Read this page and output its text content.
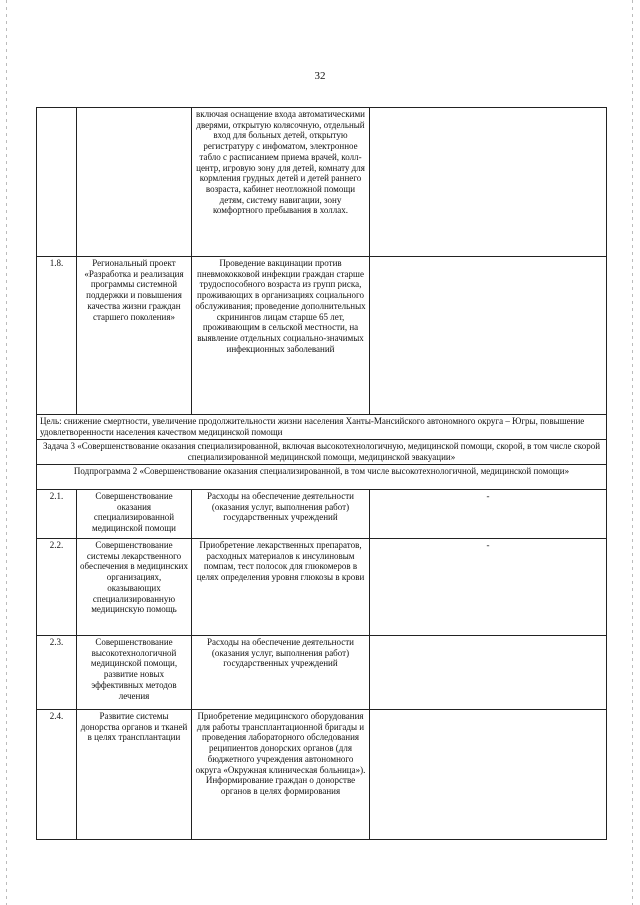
32
		включая оснащение входа автоматическими дверями, открытую колясочную, отдельный вход для больных детей, открытую регистратуру с инфоматом, электронное табло с расписанием приема врачей, колл-центр, игровую зону для детей, комнату для кормления грудных детей и детей раннего возраста, кабинет неотложной помощи детям, систему навигации, зону комфортного пребывания в холлах.	
1.8.	Региональный проект «Разработка и реализация программы системной поддержки и повышения качества жизни граждан старшего поколения»	Проведение вакцинации против пневмококковой инфекции граждан старше трудоспособного возраста из групп риска, проживающих в организациях социального обслуживания; проведение дополнительных скринингов лицам старше 65 лет, проживающим в сельской местности, на выявление отдельных социально-значимых инфекционных заболеваний	
Цель: снижение смертности, увеличение продолжительности жизни населения Ханты-Мансийского автономного округа – Югры, повышение удовлетворенности населения качеством медицинской помощи			
Задача 3 «Совершенствование оказания специализированной, включая высокотехнологичную, медицинской помощи, скорой, в том числе скорой специализированной медицинской помощи, медицинской эвакуации»			
Подпрограмма 2 «Совершенствование оказания специализированной, в том числе высокотехнологичной, медицинской помощи»			
2.1.	Совершенствование оказания специализированной медицинской помощи	Расходы на обеспечение деятельности (оказания услуг, выполнения работ) государственных учреждений	-

2.2.	Совершенствование системы лекарственного обеспечения в медицинских организациях, оказывающих специализированную медицинскую помощь	Приобретение лекарственных препаратов, расходных материалов к инсулиновым помпам, тест полосок для глюкомеров в целях определения уровня глюкозы в крови	-

2.3.	Совершенствование высокотехнологичной медицинской помощи, развитие новых эффективных методов лечения	Расходы на обеспечение деятельности (оказания услуг, выполнения работ) государственных учреждений	
2.4.	Развитие системы донорства органов и тканей в целях трансплантации	Приобретение медицинского оборудования для работы трансплантационной бригады и проведения лабораторного обследования реципиентов донорских органов (для бюджетного учреждения автономного округа «Окружная клиническая больница»). Информирование граждан о донорстве органов в целях формирования	
